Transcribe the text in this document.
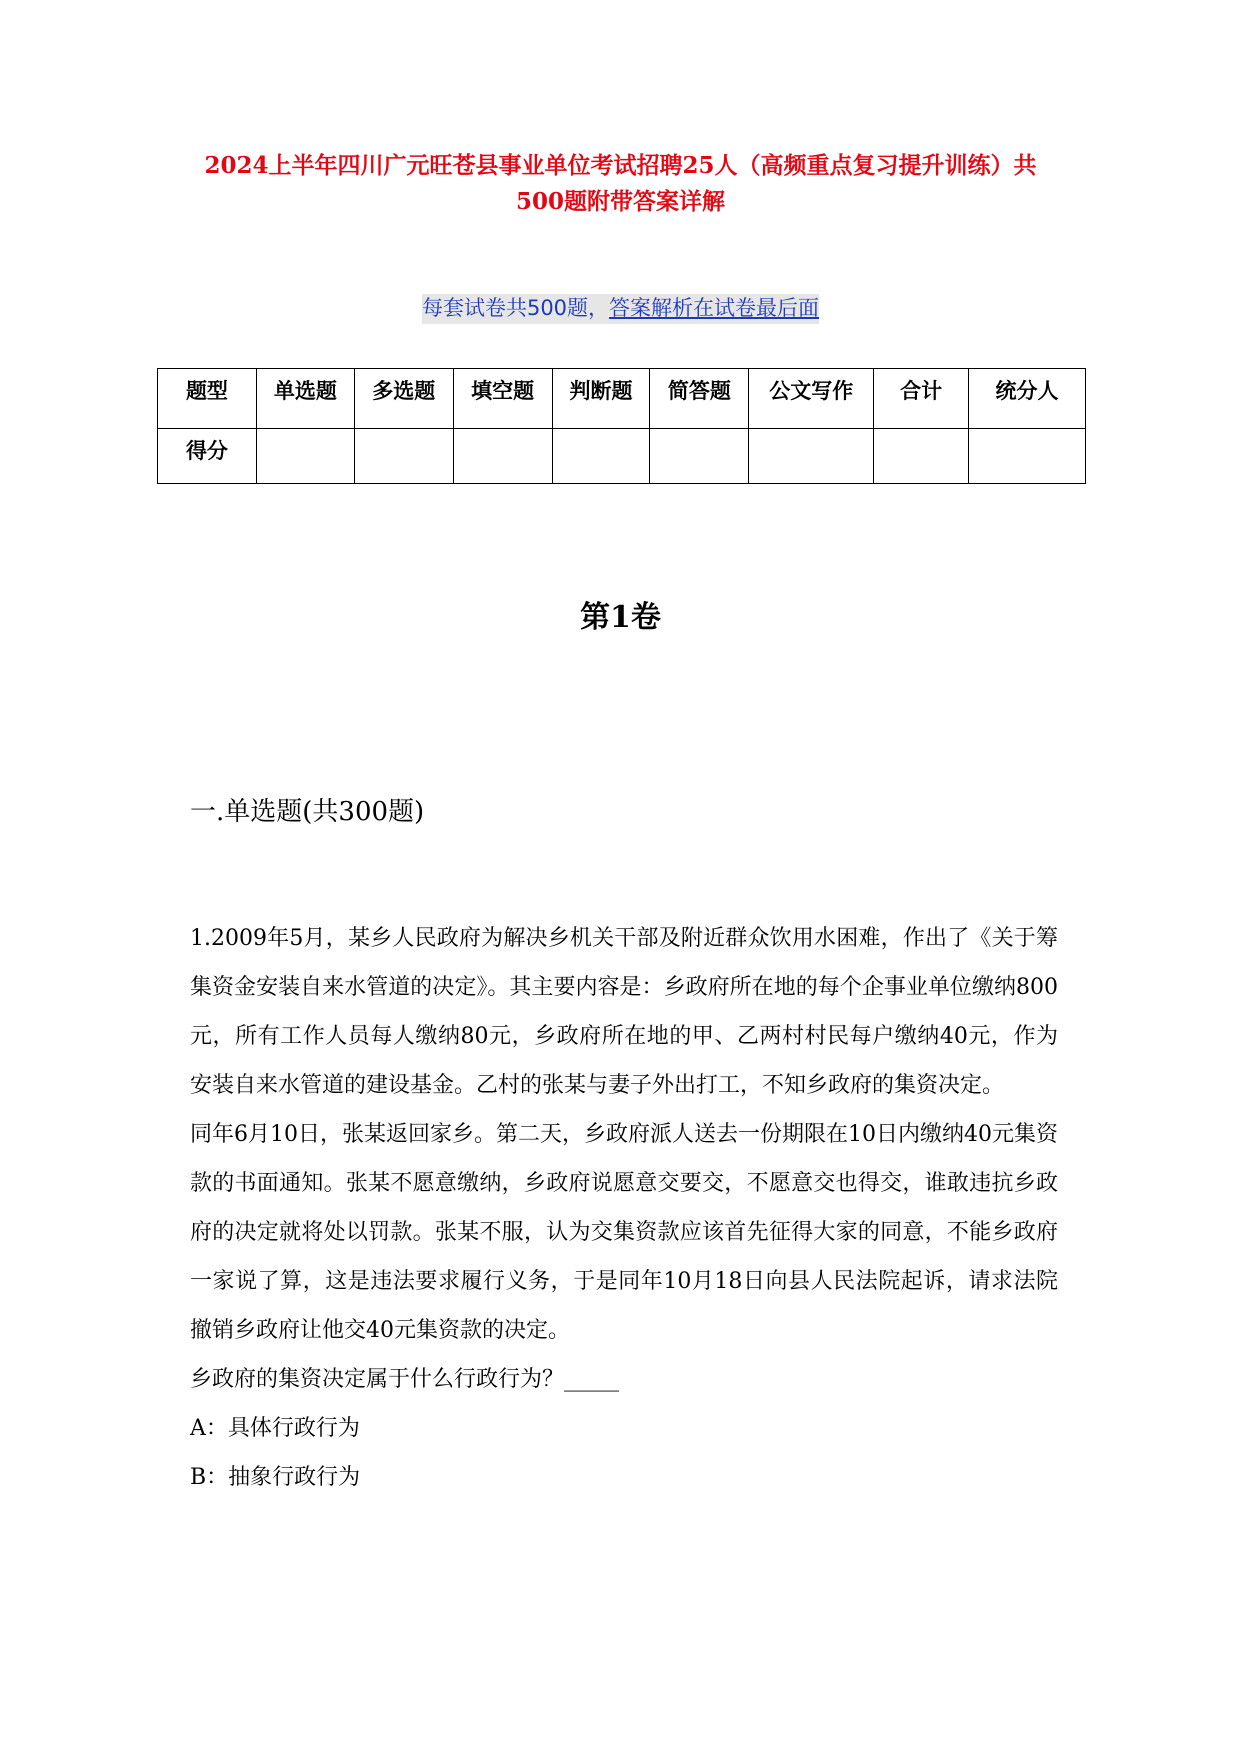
2024上半年四川广元旺苍县事业单位考试招聘25人（高频重点复习提升训练）共500题附带答案详解
每套试卷共500题，答案解析在试卷最后面
题型	单选题	多选题	填空题	判断题	简答题	公文写作	合计	统分人
得分								
第1卷
一.单选题(共300题)

1.2009年5月，某乡人民政府为解决乡机关干部及附近群众饮用水困难，作出了《关于筹集资金安装自来水管道的决定》。其主要内容是：乡政府所在地的每个企事业单位缴纳800元，所有工作人员每人缴纳80元，乡政府所在地的甲、乙两村村民每户缴纳40元，作为安装自来水管道的建设基金。乙村的张某与妻子外出打工，不知乡政府的集资决定。

同年6月10日，张某返回家乡。第二天，乡政府派人送去一份期限在10日内缴纳40元集资款的书面通知。张某不愿意缴纳，乡政府说愿意交要交，不愿意交也得交，谁敢违抗乡政府的决定就将处以罚款。张某不服，认为交集资款应该首先征得大家的同意，不能乡政府一家说了算，这是违法要求履行义务，于是同年10月18日向县人民法院起诉，请求法院撤销乡政府让他交40元集资款的决定。

乡政府的集资决定属于什么行政行为？_____

A：具体行政行为

B：抽象行政行为
